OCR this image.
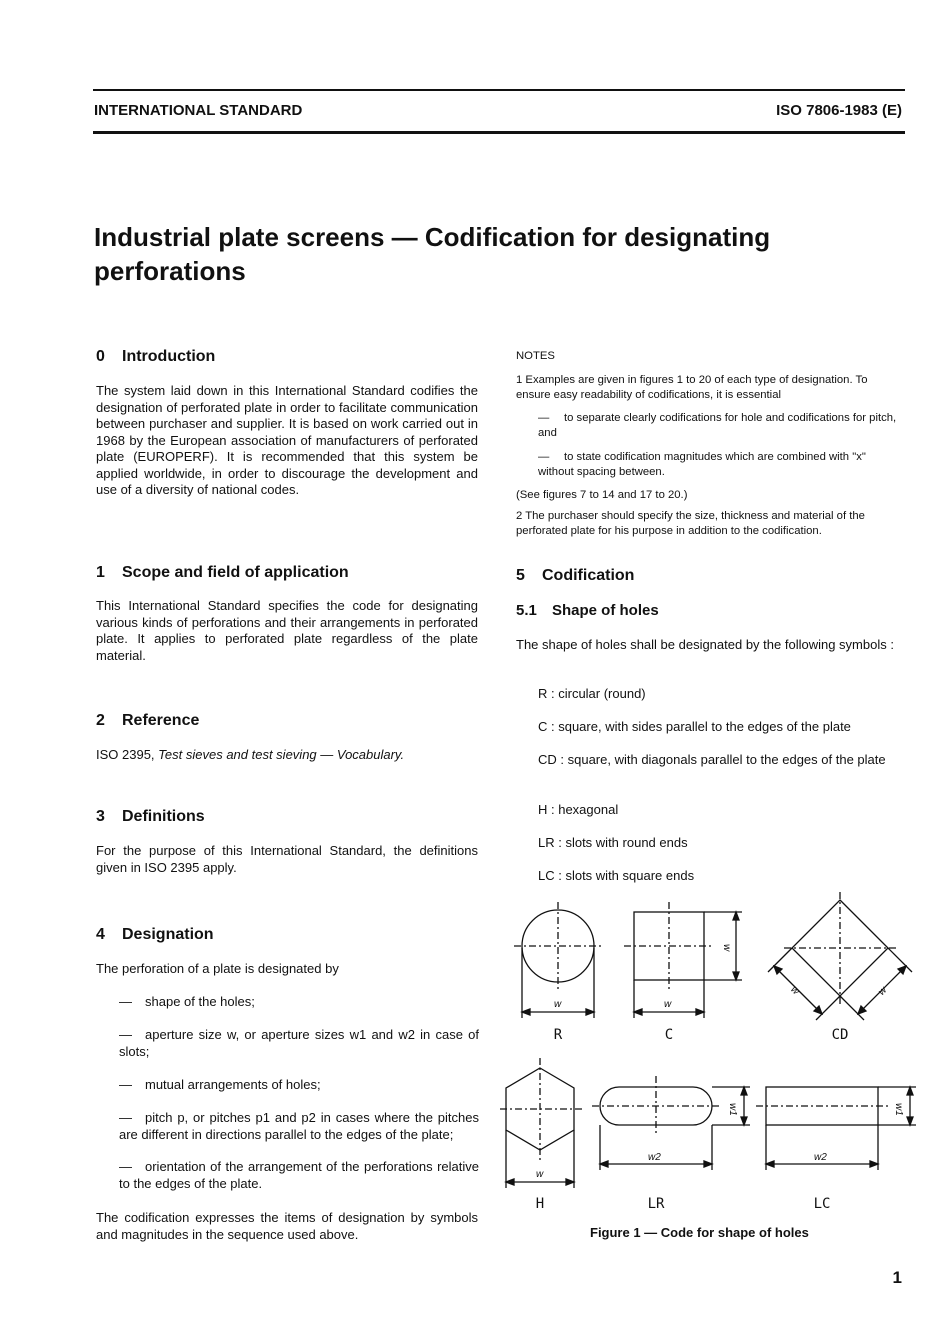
INTERNATIONAL STANDARD	ISO 7806-1983 (E)
Industrial plate screens — Codification for designating perforations
0 Introduction
The system laid down in this International Standard codifies the designation of perforated plate in order to facilitate communication between purchaser and supplier. It is based on work carried out in 1968 by the European association of manufacturers of perforated plate (EUROPERF). It is recommended that this system be applied worldwide, in order to discourage the development and use of a diversity of national codes.
1 Scope and field of application
This International Standard specifies the code for designating various kinds of perforations and their arrangements in perforated plate. It applies to perforated plate regardless of the plate material.
2 Reference
ISO 2395, Test sieves and test sieving — Vocabulary.
3 Definitions
For the purpose of this International Standard, the definitions given in ISO 2395 apply.
4 Designation
The perforation of a plate is designated by
— shape of the holes;
— aperture size w, or aperture sizes w1 and w2 in case of slots;
— mutual arrangements of holes;
— pitch p, or pitches p1 and p2 in cases where the pitches are different in directions parallel to the edges of the plate;
— orientation of the arrangement of the perforations relative to the edges of the plate.
The codification expresses the items of designation by symbols and magnitudes in the sequence used above.
NOTES
1 Examples are given in figures 1 to 20 of each type of designation. To ensure easy readability of codifications, it is essential
— to separate clearly codifications for hole and codifications for pitch, and
— to state codification magnitudes which are combined with "x" without spacing between.
(See figures 7 to 14 and 17 to 20.)
2 The purchaser should specify the size, thickness and material of the perforated plate for his purpose in addition to the codification.
5 Codification
5.1 Shape of holes
The shape of holes shall be designated by the following symbols :
R : circular (round)
C : square, with sides parallel to the edges of the plate
CD : square, with diagonals parallel to the edges of the plate
H : hexagonal
LR : slots with round ends
LC : slots with square ends
w
w
w
w	w
w
w1
w2
w1
w2
R	C	CD
H	LR	LC
Figure 1 — Code for shape of holes
1
